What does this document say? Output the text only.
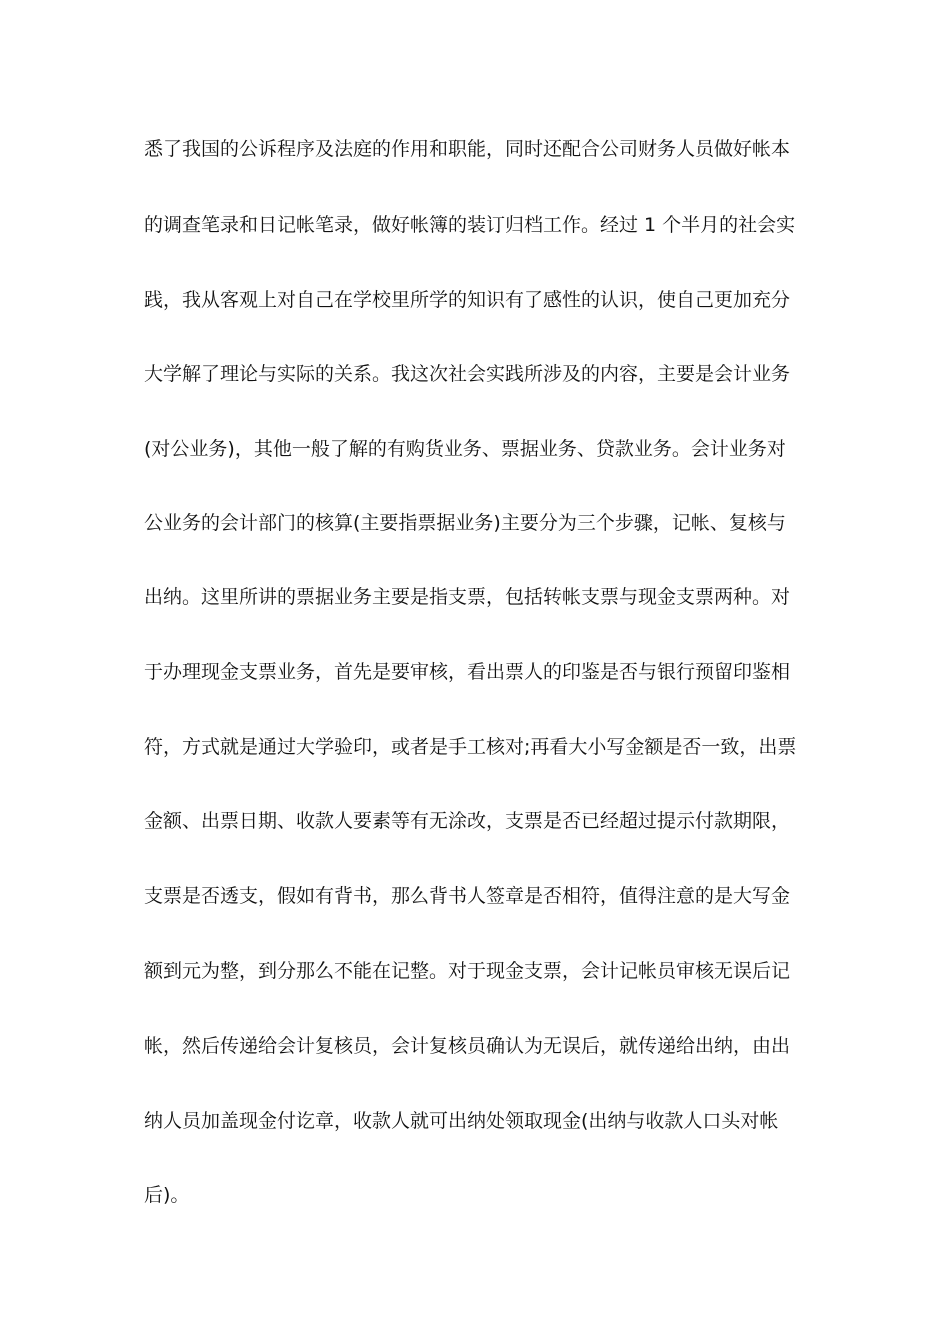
悉了我国的公诉程序及法庭的作用和职能，同时还配合公司财务人员做好帐本
的调查笔录和日记帐笔录，做好帐簿的装订归档工作。经过 1 个半月的社会实
践，我从客观上对自己在学校里所学的知识有了感性的认识，使自己更加充分
大学解了理论与实际的关系。我这次社会实践所涉及的内容，主要是会计业务
(对公业务)，其他一般了解的有购货业务、票据业务、贷款业务。会计业务对
公业务的会计部门的核算(主要指票据业务)主要分为三个步骤，记帐、复核与
出纳。这里所讲的票据业务主要是指支票，包括转帐支票与现金支票两种。对
于办理现金支票业务，首先是要审核，看出票人的印鉴是否与银行预留印鉴相
符，方式就是通过大学验印，或者是手工核对;再看大小写金额是否一致，出票
金额、出票日期、收款人要素等有无涂改，支票是否已经超过提示付款期限，
支票是否透支，假如有背书，那么背书人签章是否相符，值得注意的是大写金
额到元为整，到分那么不能在记整。对于现金支票，会计记帐员审核无误后记
帐，然后传递给会计复核员，会计复核员确认为无误后，就传递给出纳，由出
纳人员加盖现金付讫章，收款人就可出纳处领取现金(出纳与收款人口头对帐
后)。
